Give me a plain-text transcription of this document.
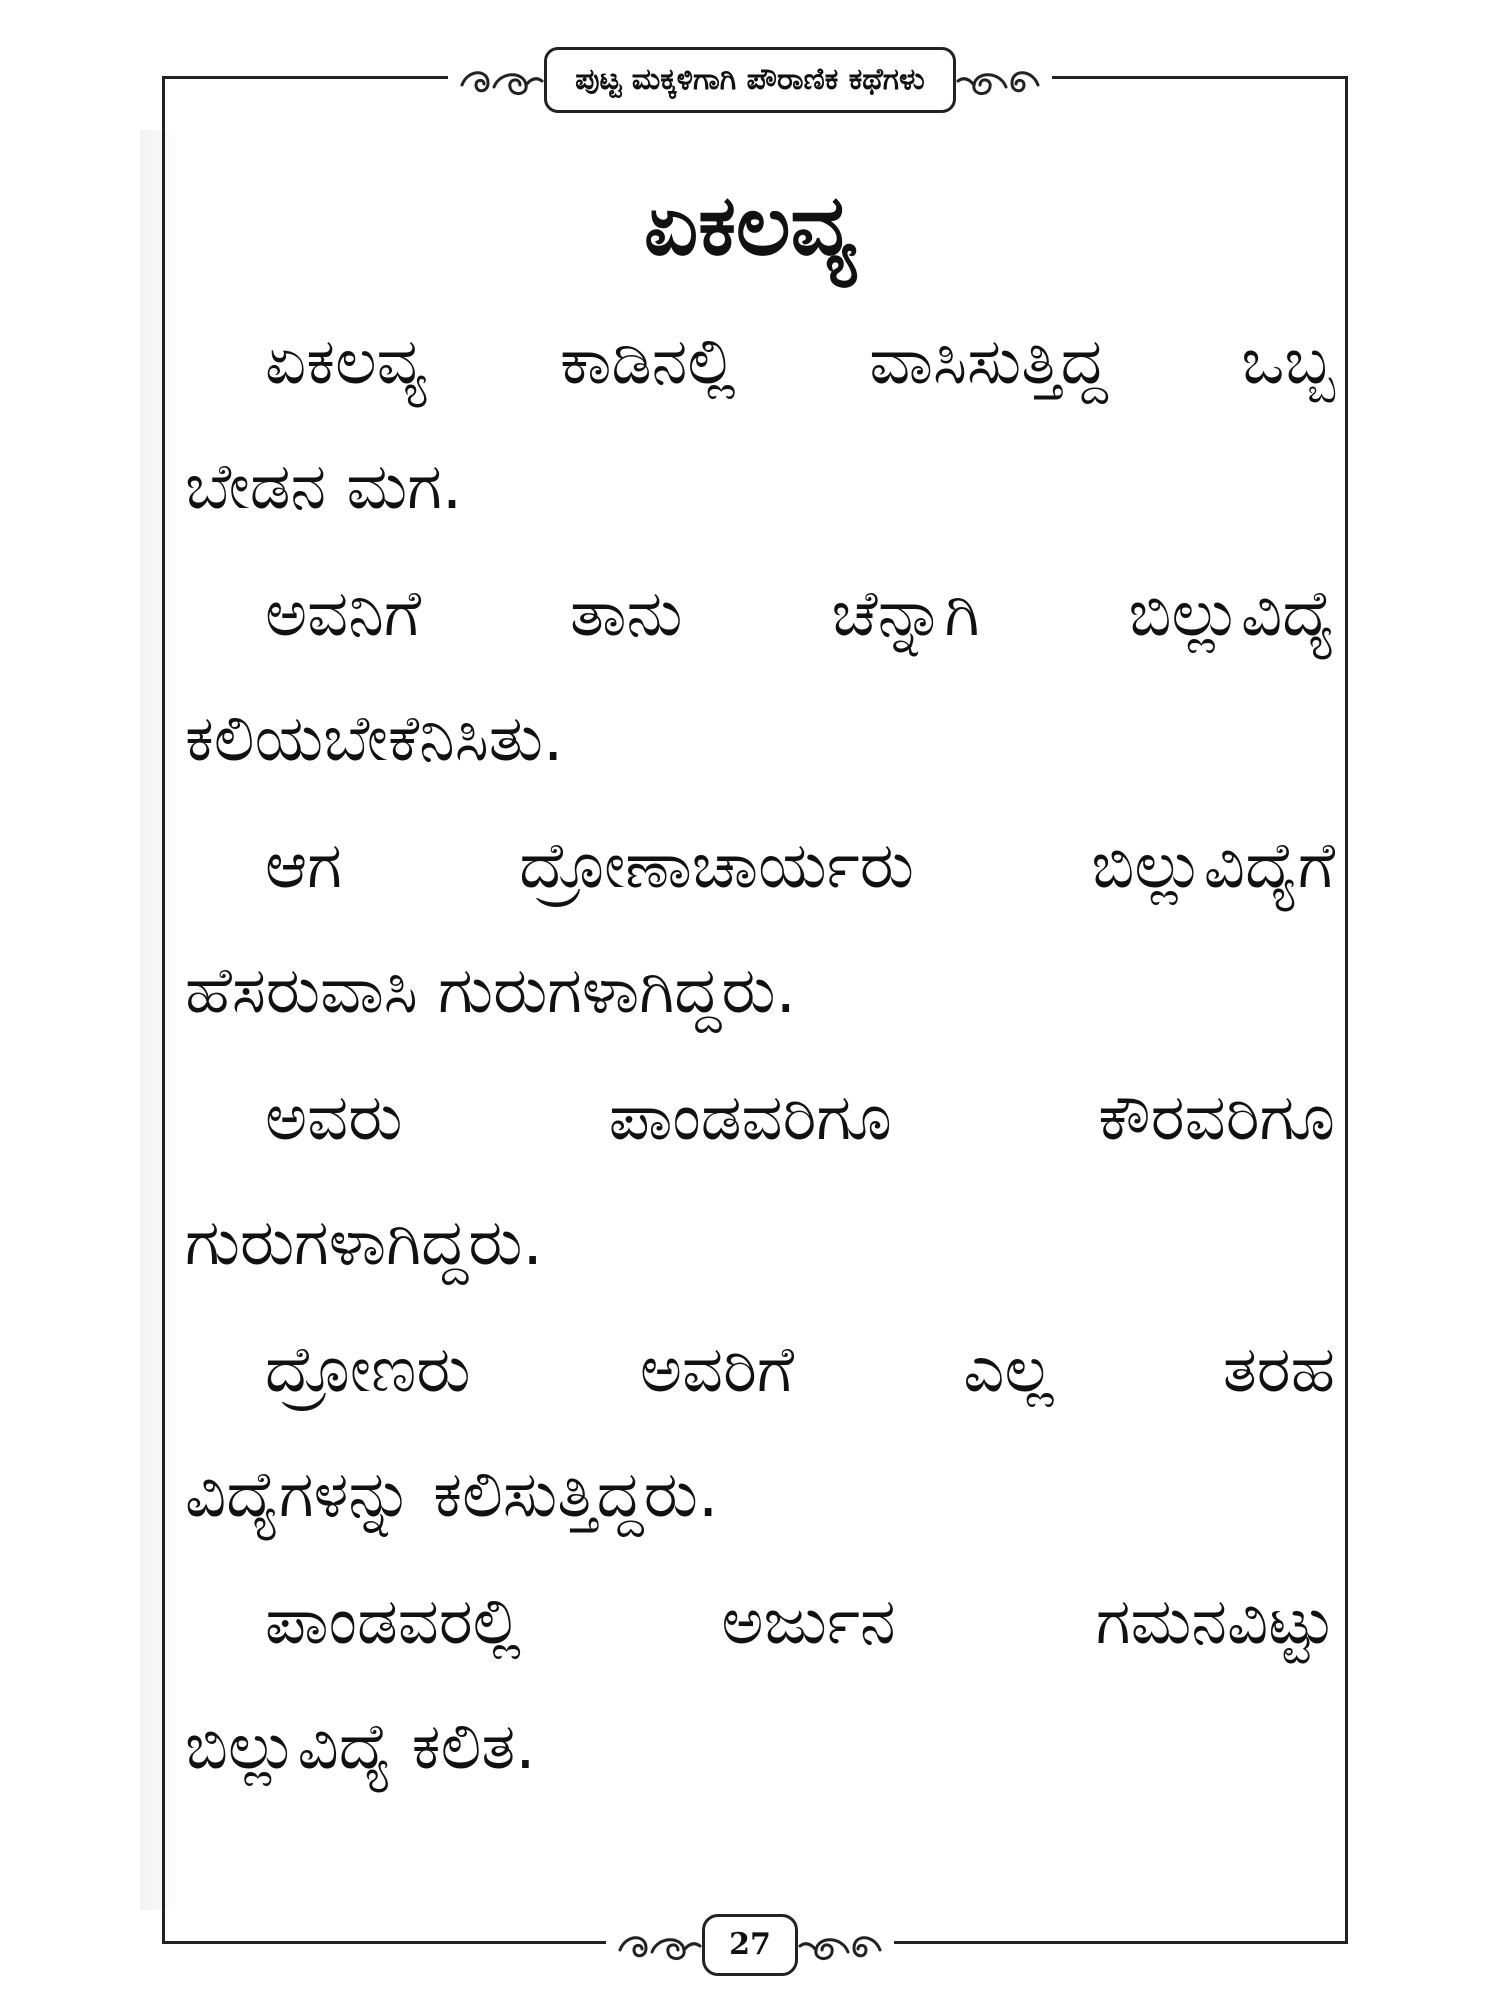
ಪುಟ್ಟ ಮಕ್ಕಳಿಗಾಗಿ ಪೌರಾಣಿಕ ಕಥೆಗಳು
ಏಕಲವ್ಯ

ಏಕಲವ್ಯ ಕಾಡಿನಲ್ಲಿ ವಾಸಿಸುತ್ತಿದ್ದ ಒಬ್ಬ
ಬೇಡನ ಮಗ.

ಅವನಿಗೆ ತಾನು ಚೆನ್ನಾಗಿ ಬಿಲ್ಲುವಿದ್ಯೆ
ಕಲಿಯಬೇಕೆನಿಸಿತು.

ಆಗ ದ್ರೋಣಾಚಾರ್ಯರು ಬಿಲ್ಲುವಿದ್ಯೆಗೆ
ಹೆಸರುವಾಸಿ ಗುರುಗಳಾಗಿದ್ದರು.

ಅವರು ಪಾಂಡವರಿಗೂ ಕೌರವರಿಗೂ
ಗುರುಗಳಾಗಿದ್ದರು.

ದ್ರೋಣರು ಅವರಿಗೆ ಎಲ್ಲ ತರಹ
ವಿದ್ಯೆಗಳನ್ನು ಕಲಿಸುತ್ತಿದ್ದರು.

ಪಾಂಡವರಲ್ಲಿ ಅರ್ಜುನ ಗಮನವಿಟ್ಟು
ಬಿಲ್ಲುವಿದ್ಯೆ ಕಲಿತ.

27
